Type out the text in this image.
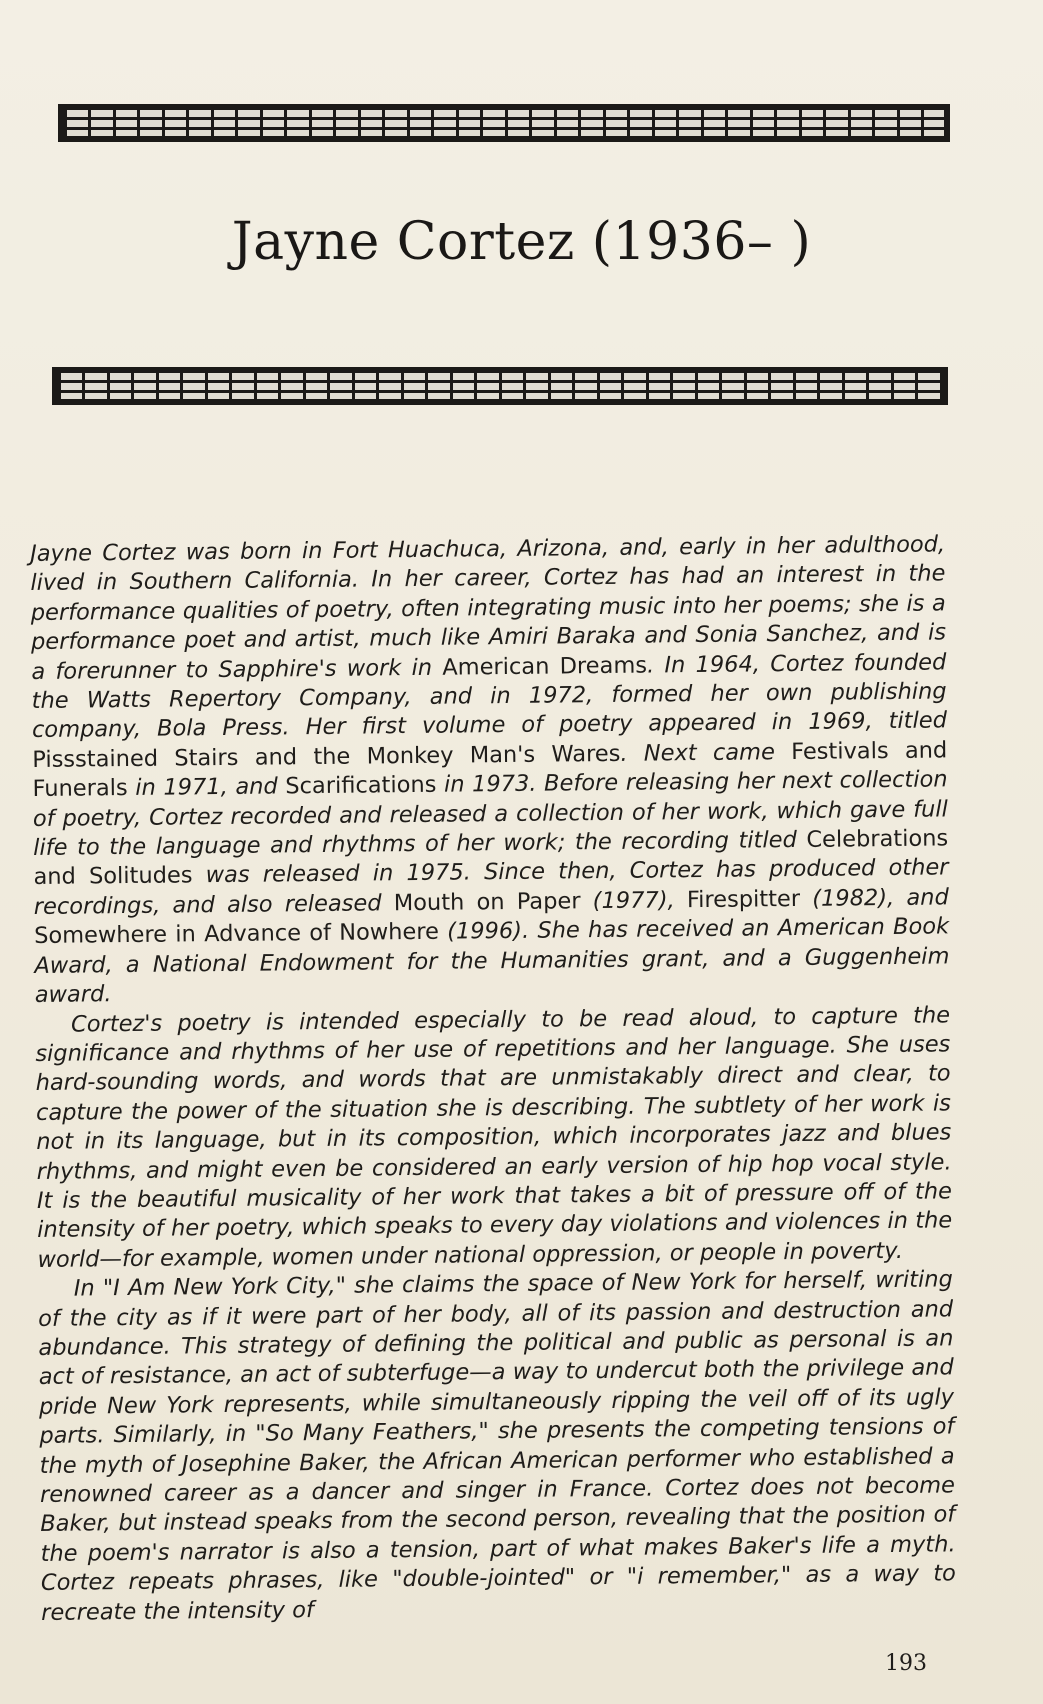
Jayne Cortez (1936– )

Jayne Cortez was born in Fort Huachuca, Arizona, and, early in her adulthood, lived in Southern California. In her career, Cortez has had an interest in the performance qualities of poetry, often integrating music into her poems; she is a performance poet and artist, much like Amiri Baraka and Sonia Sanchez, and is a forerunner to Sapphire's work in American Dreams. In 1964, Cortez founded the Watts Repertory Company, and in 1972, formed her own publishing company, Bola Press. Her first volume of poetry appeared in 1969, titled Pissstained Stairs and the Monkey Man's Wares. Next came Festivals and Funerals in 1971, and Scarifications in 1973. Before releasing her next collection of poetry, Cortez recorded and released a collection of her work, which gave full life to the language and rhythms of her work; the recording titled Celebrations and Solitudes was released in 1975. Since then, Cortez has produced other recordings, and also released Mouth on Paper (1977), Firespitter (1982), and Somewhere in Advance of Nowhere (1996). She has received an American Book Award, a National Endowment for the Humanities grant, and a Guggenheim award.

Cortez's poetry is intended especially to be read aloud, to capture the significance and rhythms of her use of repetitions and her language. She uses hard-sounding words, and words that are unmistakably direct and clear, to capture the power of the situation she is describing. The subtlety of her work is not in its language, but in its composition, which incorporates jazz and blues rhythms, and might even be considered an early version of hip hop vocal style. It is the beautiful musicality of her work that takes a bit of pressure off of the intensity of her poetry, which speaks to every day violations and violences in the world—for example, women under national oppression, or people in poverty.

In "I Am New York City," she claims the space of New York for herself, writing of the city as if it were part of her body, all of its passion and destruction and abundance. This strategy of defining the political and public as personal is an act of resistance, an act of subterfuge—a way to undercut both the privilege and pride New York represents, while simultaneously ripping the veil off of its ugly parts. Similarly, in "So Many Feathers," she presents the competing tensions of the myth of Josephine Baker, the African American performer who established a renowned career as a dancer and singer in France. Cortez does not become Baker, but instead speaks from the second person, revealing that the position of the poem's narrator is also a tension, part of what makes Baker's life a myth. Cortez repeats phrases, like "double-jointed" or "i remember," as a way to recreate the intensity of

193
